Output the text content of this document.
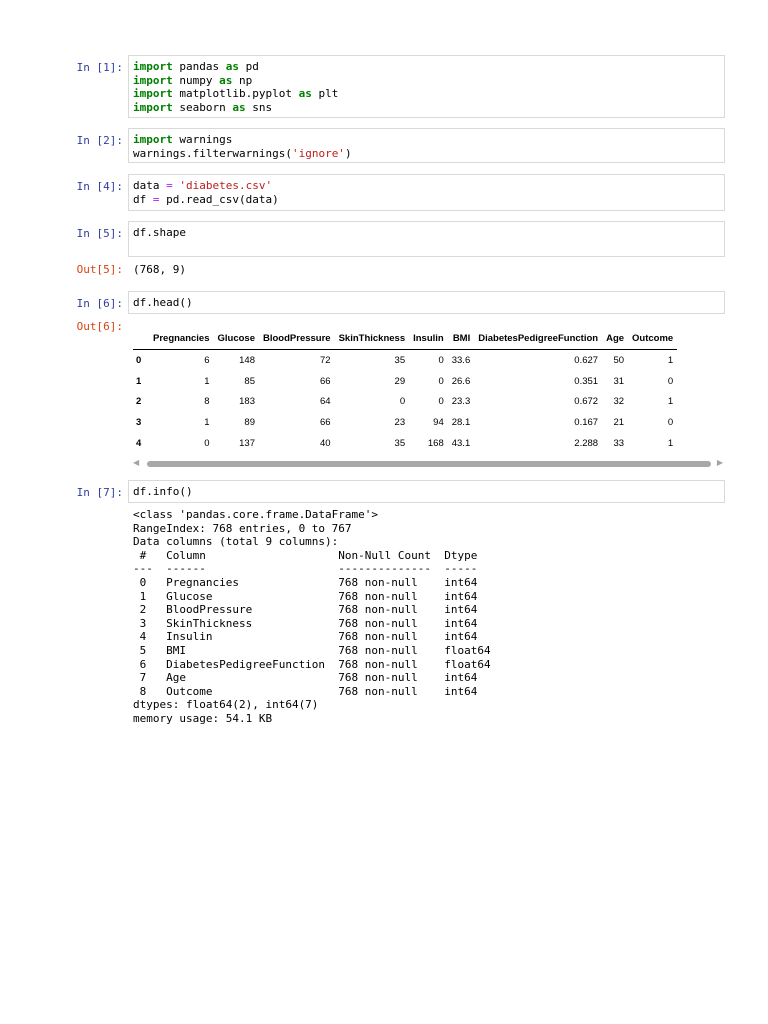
In [1]: import pandas as pd
import numpy as np
import matplotlib.pyplot as plt
import seaborn as sns
In [2]: import warnings
warnings.filterwarnings('ignore')
In [4]: data = 'diabetes.csv'
df = pd.read_csv(data)
In [5]: df.shape
Out[5]: (768, 9)
In [6]: df.head()
Out[6]:
	Pregnancies	Glucose	BloodPressure	SkinThickness	Insulin	BMI	DiabetesPedigreeFunction	Age	Outcome
0	6	148	72	35	0	33.6	0.627	50	1
1	1	85	66	29	0	26.6	0.351	31	0
2	8	183	64	0	0	23.3	0.672	32	1
3	1	89	66	23	94	28.1	0.167	21	0
4	0	137	40	35	168	43.1	2.288	33	1
◀	▶
In [7]: df.info()
<class 'pandas.core.frame.DataFrame'>
RangeIndex: 768 entries, 0 to 767
Data columns (total 9 columns):
#   Column                    Non-Null Count  Dtype
---  ------                    --------------  -----
0   Pregnancies               768 non-null    int64
1   Glucose                   768 non-null    int64
2   BloodPressure             768 non-null    int64
3   SkinThickness             768 non-null    int64
4   Insulin                   768 non-null    int64
5   BMI                       768 non-null    float64
6   DiabetesPedigreeFunction  768 non-null    float64
7   Age                       768 non-null    int64
8   Outcome                   768 non-null    int64
dtypes: float64(2), int64(7)
memory usage: 54.1 KB
